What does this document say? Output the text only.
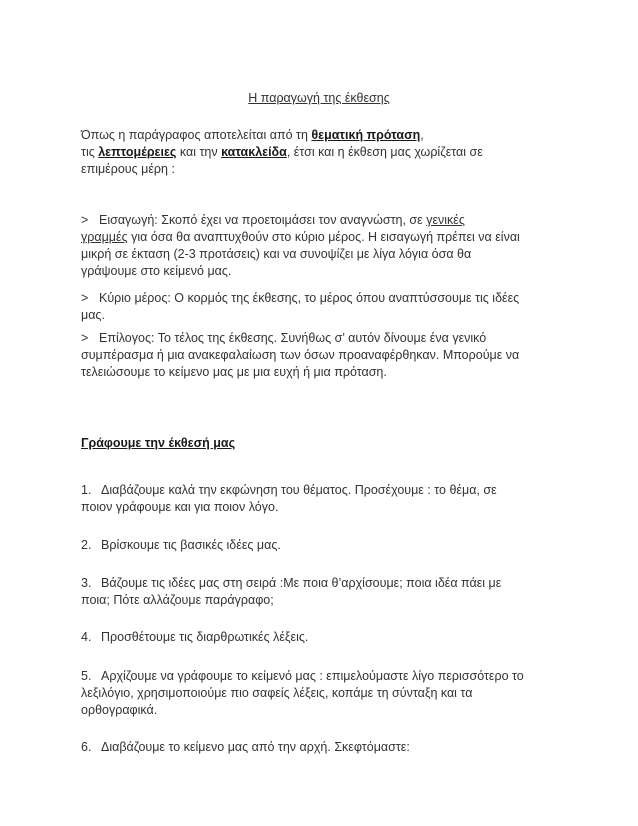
Η παραγωγή της έκθεσης

Όπως η παράγραφος αποτελείται από τη θεματική πρόταση,
τις λεπτομέρειες και την κατακλείδα, έτσι και η έκθεση μας χωρίζεται σε
επιμέρους μέρη :

> Εισαγωγή: Σκοπό έχει να προετοιμάσει τον αναγνώστη, σε γενικές
γραμμές για όσα θα αναπτυχθούν στο κύριο μέρος. Η εισαγωγή πρέπει να είναι
μικρή σε έκταση (2-3 προτάσεις) και να συνοψίζει με λίγα λόγια όσα θα
γράψουμε στο κείμενό μας.

> Κύριο μέρος: Ο κορμός της έκθεσης, το μέρος όπου αναπτύσσουμε τις ιδέες
μας.

> Επίλογος: Το τέλος της έκθεσης. Συνήθως σ’ αυτόν δίνουμε ένα γενικό
συμπέρασμα ή μια ανακεφαλαίωση των όσων προαναφέρθηκαν. Μπορούμε να
τελειώσουμε το κείμενο μας με μια ευχή ή μια πρόταση.

Γράφουμε την έκθεσή μας

1. Διαβάζουμε καλά την εκφώνηση του θέματος. Προσέχουμε : το θέμα, σε
ποιον γράφουμε και για ποιον λόγο.

2. Βρίσκουμε τις βασικές ιδέες μας.

3. Βάζουμε τις ιδέες μας στη σειρά :Με ποια θ’αρχίσουμε; ποια ιδέα πάει με
ποια; Πότε αλλάζουμε παράγραφο;

4. Προσθέτουμε τις διαρθρωτικές λέξεις.

5. Αρχίζουμε να γράφουμε το κείμενό μας : επιμελούμαστε λίγο περισσότερο το
λεξιλόγιο, χρησιμοποιούμε πιο σαφείς λέξεις, κοπάμε τη σύνταξη και τα
ορθογραφικά.

6. Διαβάζουμε το κείμενο μας από την αρχή. Σκεφτόμαστε:
